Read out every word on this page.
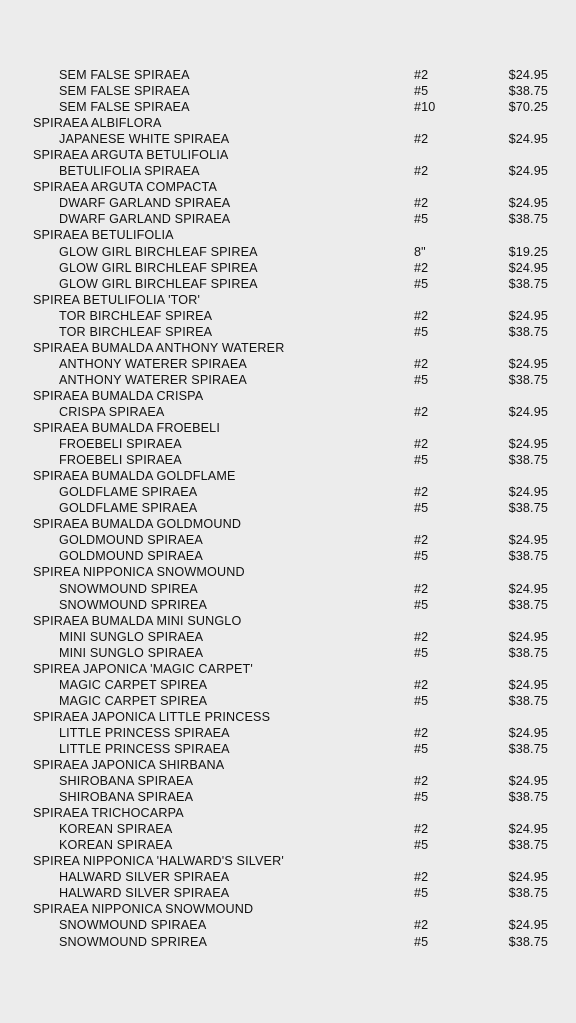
SEM FALSE SPIRAEA	#2	$24.95
SEM FALSE SPIRAEA	#5	$38.75
SEM FALSE SPIRAEA	#10	$70.25
SPIRAEA ALBIFLORA
JAPANESE WHITE SPIRAEA	#2	$24.95
SPIRAEA ARGUTA BETULIFOLIA
BETULIFOLIA SPIRAEA	#2	$24.95
SPIRAEA ARGUTA COMPACTA
DWARF GARLAND SPIRAEA	#2	$24.95
DWARF GARLAND SPIRAEA	#5	$38.75
SPIRAEA BETULIFOLIA
GLOW GIRL BIRCHLEAF SPIREA	8"	$19.25
GLOW GIRL BIRCHLEAF SPIREA	#2	$24.95
GLOW GIRL BIRCHLEAF SPIREA	#5	$38.75
SPIREA BETULIFOLIA 'TOR'
TOR BIRCHLEAF SPIREA	#2	$24.95
TOR BIRCHLEAF SPIREA	#5	$38.75
SPIRAEA BUMALDA ANTHONY WATERER
ANTHONY WATERER SPIRAEA	#2	$24.95
ANTHONY WATERER SPIRAEA	#5	$38.75
SPIRAEA BUMALDA CRISPA
CRISPA SPIRAEA	#2	$24.95
SPIRAEA BUMALDA FROEBELI
FROEBELI SPIRAEA	#2	$24.95
FROEBELI SPIRAEA	#5	$38.75
SPIRAEA BUMALDA GOLDFLAME
GOLDFLAME SPIRAEA	#2	$24.95
GOLDFLAME SPIRAEA	#5	$38.75
SPIRAEA BUMALDA GOLDMOUND
GOLDMOUND SPIRAEA	#2	$24.95
GOLDMOUND SPIRAEA	#5	$38.75
SPIREA NIPPONICA SNOWMOUND
SNOWMOUND SPIREA	#2	$24.95
SNOWMOUND SPRIREA	#5	$38.75
SPIRAEA BUMALDA MINI SUNGLO
MINI SUNGLO SPIRAEA	#2	$24.95
MINI SUNGLO SPIRAEA	#5	$38.75
SPIREA JAPONICA 'MAGIC CARPET'
MAGIC CARPET SPIREA	#2	$24.95
MAGIC CARPET SPIREA	#5	$38.75
SPIRAEA JAPONICA LITTLE PRINCESS
LITTLE PRINCESS SPIRAEA	#2	$24.95
LITTLE PRINCESS SPIRAEA	#5	$38.75
SPIRAEA JAPONICA SHIRBANA
SHIROBANA SPIRAEA	#2	$24.95
SHIROBANA SPIRAEA	#5	$38.75
SPIRAEA TRICHOCARPA
KOREAN SPIRAEA	#2	$24.95
KOREAN SPIRAEA	#5	$38.75
SPIREA NIPPONICA 'HALWARD'S SILVER'
HALWARD SILVER SPIRAEA	#2	$24.95
HALWARD SILVER SPIRAEA	#5	$38.75
SPIRAEA NIPPONICA SNOWMOUND
SNOWMOUND SPIRAEA	#2	$24.95
SNOWMOUND SPRIREA	#5	$38.75
